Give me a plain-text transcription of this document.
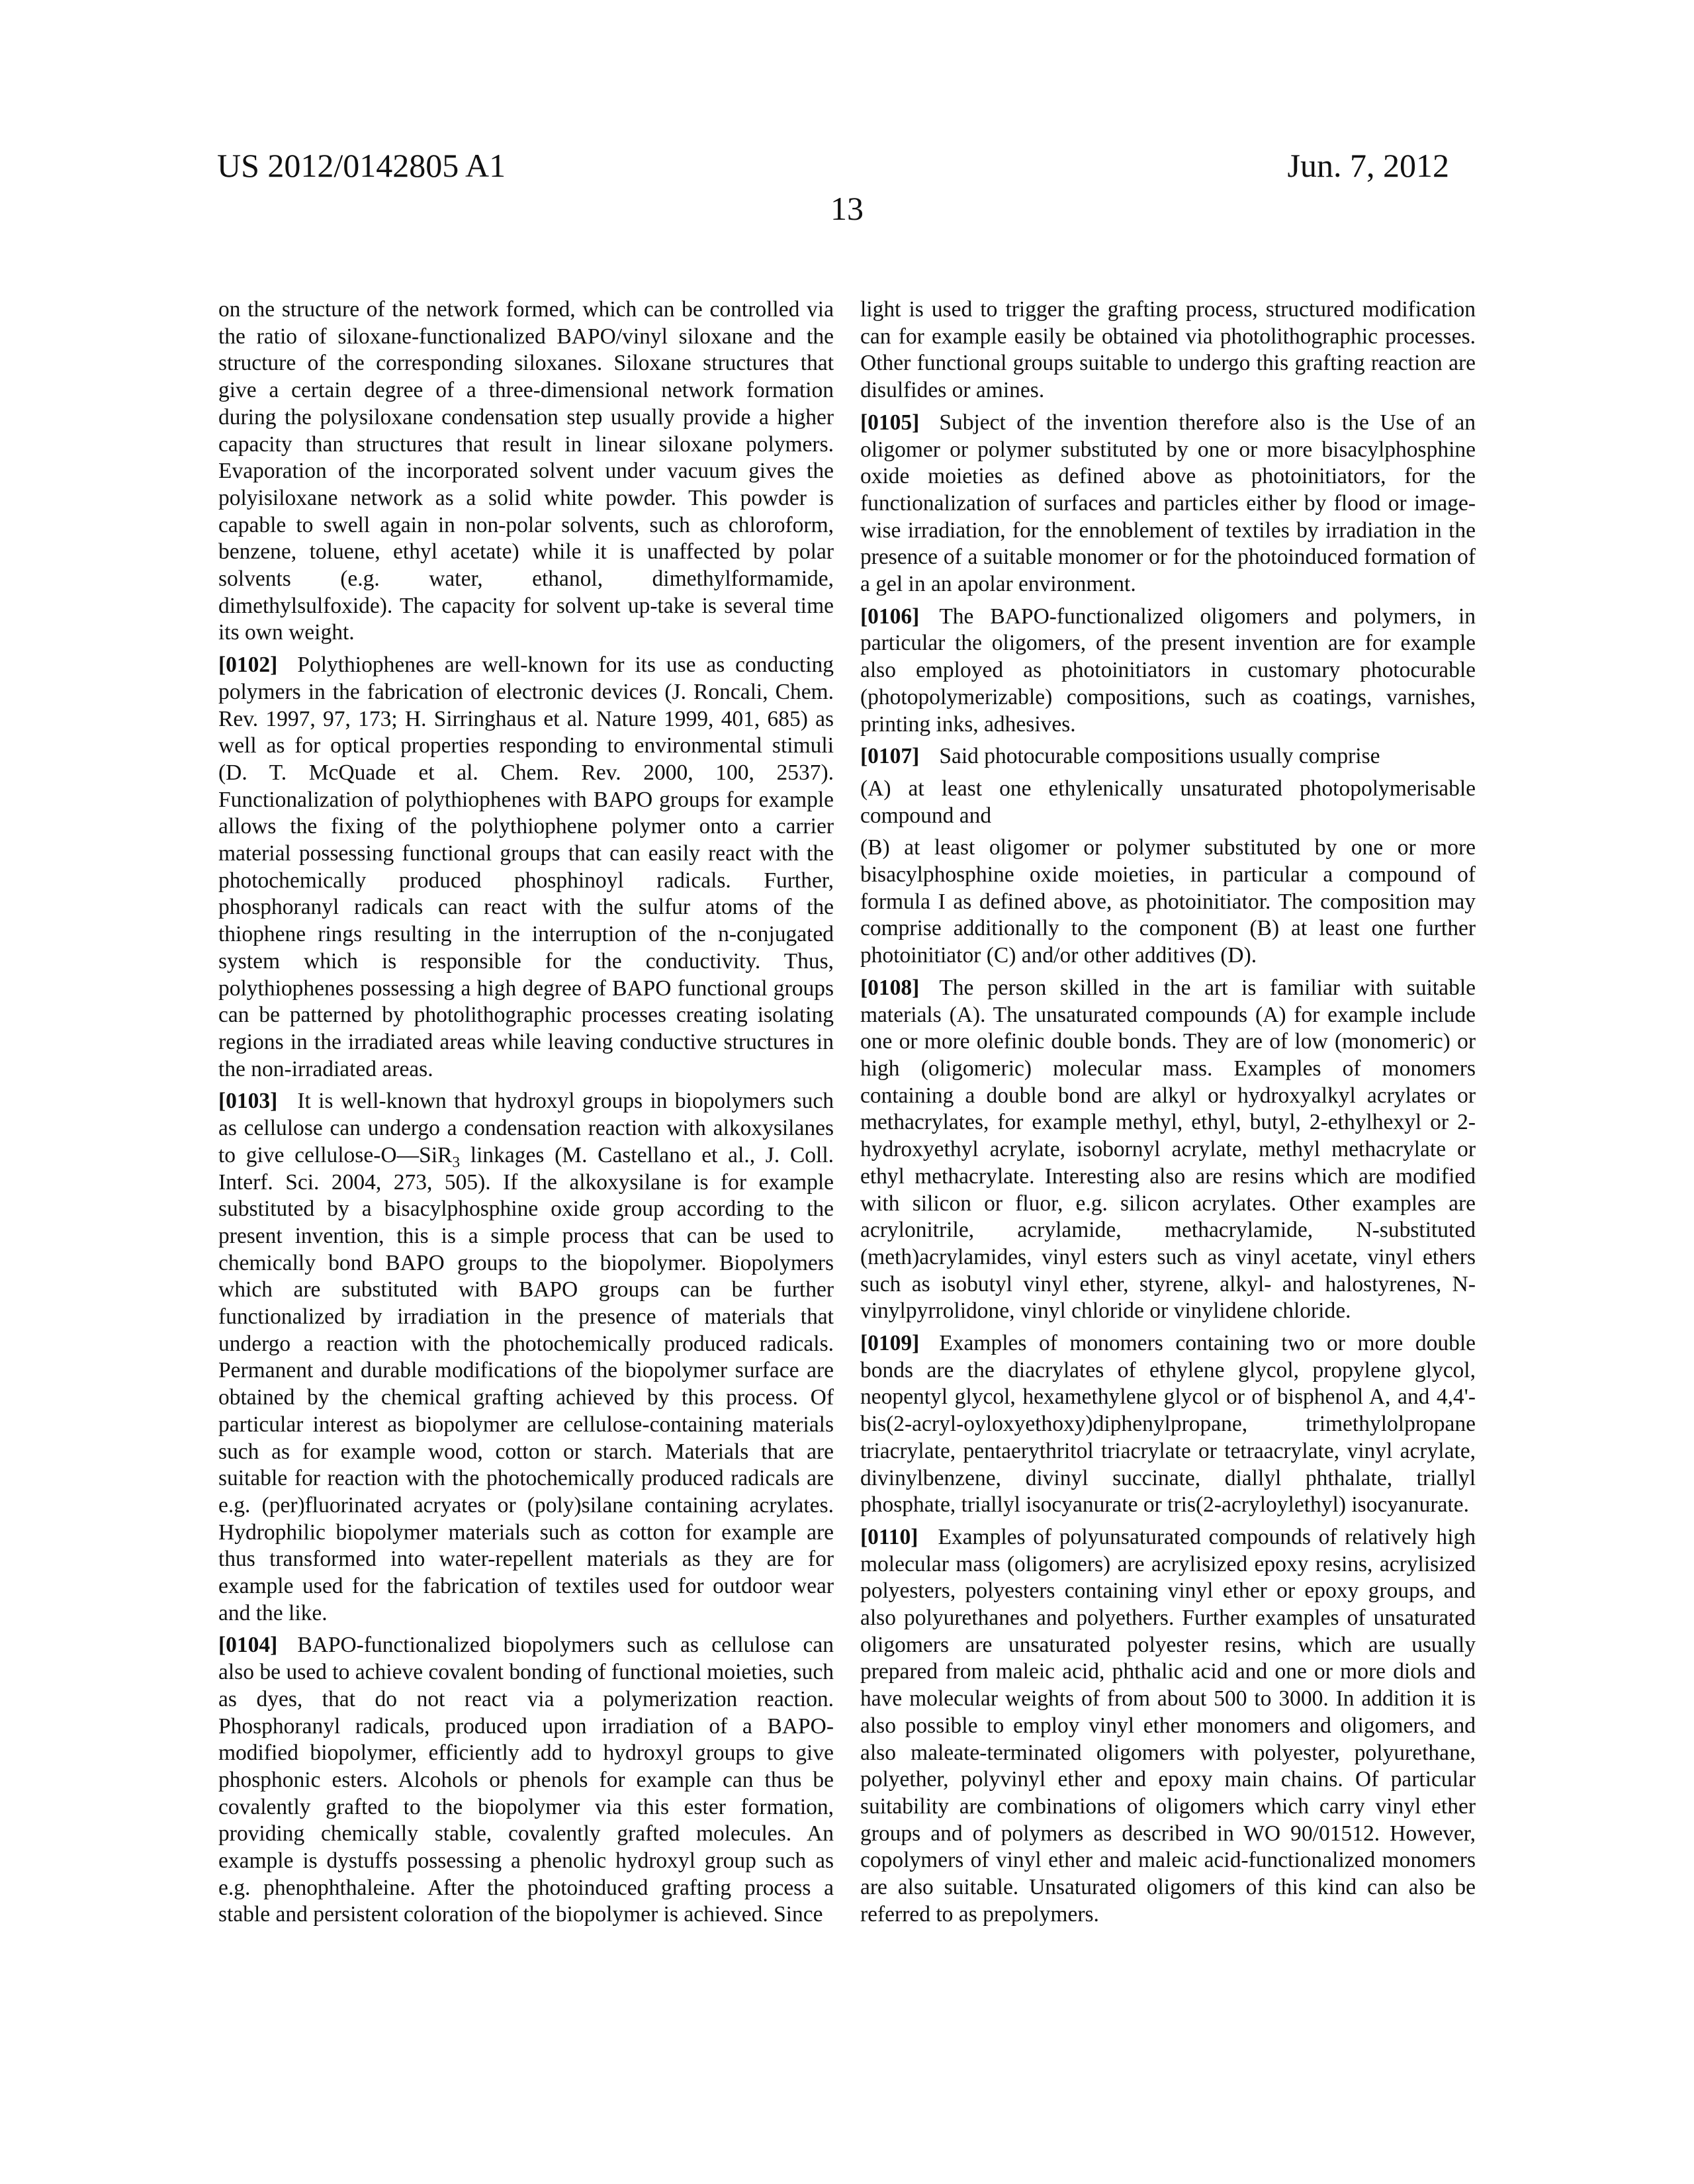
US 2012/0142805 A1	Jun. 7, 2012
13

on the structure of the network formed, which can be controlled via the ratio of siloxane-functionalized BAPO/vinyl siloxane and the structure of the corresponding siloxanes. Siloxane structures that give a certain degree of a three-dimensional network formation during the polysiloxane condensation step usually provide a higher capacity than structures that result in linear siloxane polymers. Evaporation of the incorporated solvent under vacuum gives the polyisiloxane network as a solid white powder. This powder is capable to swell again in non-polar solvents, such as chloroform, benzene, toluene, ethyl acetate) while it is unaffected by polar solvents (e.g. water, ethanol, dimethylformamide, dimethylsulfoxide). The capacity for solvent up-take is several time its own weight.

[0102] Polythiophenes are well-known for its use as conducting polymers in the fabrication of electronic devices (J. Roncali, Chem. Rev. 1997, 97, 173; H. Sirringhaus et al. Nature 1999, 401, 685) as well as for optical properties responding to environmental stimuli (D. T. McQuade et al. Chem. Rev. 2000, 100, 2537). Functionalization of polythiophenes with BAPO groups for example allows the fixing of the polythiophene polymer onto a carrier material possessing functional groups that can easily react with the photochemically produced phosphinoyl radicals. Further, phosphoranyl radicals can react with the sulfur atoms of the thiophene rings resulting in the interruption of the n-conjugated system which is responsible for the conductivity. Thus, polythiophenes possessing a high degree of BAPO functional groups can be patterned by photolithographic processes creating isolating regions in the irradiated areas while leaving conductive structures in the non-irradiated areas.

[0103] It is well-known that hydroxyl groups in biopolymers such as cellulose can undergo a condensation reaction with alkoxysilanes to give cellulose-O—SiR3 linkages (M. Castellano et al., J. Coll. Interf. Sci. 2004, 273, 505). If the alkoxysilane is for example substituted by a bisacylphosphine oxide group according to the present invention, this is a simple process that can be used to chemically bond BAPO groups to the biopolymer. Biopolymers which are substituted with BAPO groups can be further functionalized by irradiation in the presence of materials that undergo a reaction with the photochemically produced radicals. Permanent and durable modifications of the biopolymer surface are obtained by the chemical grafting achieved by this process. Of particular interest as biopolymer are cellulose-containing materials such as for example wood, cotton or starch. Materials that are suitable for reaction with the photochemically produced radicals are e.g. (per)fluorinated acryates or (poly)silane containing acrylates. Hydrophilic biopolymer materials such as cotton for example are thus transformed into water-repellent materials as they are for example used for the fabrication of textiles used for outdoor wear and the like.

[0104] BAPO-functionalized biopolymers such as cellulose can also be used to achieve covalent bonding of functional moieties, such as dyes, that do not react via a polymerization reaction. Phosphoranyl radicals, produced upon irradiation of a BAPO-modified biopolymer, efficiently add to hydroxyl groups to give phosphonic esters. Alcohols or phenols for example can thus be covalently grafted to the biopolymer via this ester formation, providing chemically stable, covalently grafted molecules. An example is dystuffs possessing a phenolic hydroxyl group such as e.g. phenophthaleine. After the photoinduced grafting process a stable and persistent coloration of the biopolymer is achieved. Since

light is used to trigger the grafting process, structured modification can for example easily be obtained via photolithographic processes. Other functional groups suitable to undergo this grafting reaction are disulfides or amines.

[0105] Subject of the invention therefore also is the Use of an oligomer or polymer substituted by one or more bisacylphosphine oxide moieties as defined above as photoinitiators, for the functionalization of surfaces and particles either by flood or image-wise irradiation, for the ennoblement of textiles by irradiation in the presence of a suitable monomer or for the photoinduced formation of a gel in an apolar environment.

[0106] The BAPO-functionalized oligomers and polymers, in particular the oligomers, of the present invention are for example also employed as photoinitiators in customary photocurable (photopolymerizable) compositions, such as coatings, varnishes, printing inks, adhesives.

[0107] Said photocurable compositions usually comprise

(A) at least one ethylenically unsaturated photopolymerisable compound and

(B) at least oligomer or polymer substituted by one or more bisacylphosphine oxide moieties, in particular a compound of formula I as defined above, as photoinitiator. The composition may comprise additionally to the component (B) at least one further photoinitiator (C) and/or other additives (D).

[0108] The person skilled in the art is familiar with suitable materials (A). The unsaturated compounds (A) for example include one or more olefinic double bonds. They are of low (monomeric) or high (oligomeric) molecular mass. Examples of monomers containing a double bond are alkyl or hydroxyalkyl acrylates or methacrylates, for example methyl, ethyl, butyl, 2-ethylhexyl or 2-hydroxyethyl acrylate, isobornyl acrylate, methyl methacrylate or ethyl methacrylate. Interesting also are resins which are modified with silicon or fluor, e.g. silicon acrylates. Other examples are acrylonitrile, acrylamide, methacrylamide, N-substituted (meth)acrylamides, vinyl esters such as vinyl acetate, vinyl ethers such as isobutyl vinyl ether, styrene, alkyl- and halostyrenes, N-vinylpyrrolidone, vinyl chloride or vinylidene chloride.

[0109] Examples of monomers containing two or more double bonds are the diacrylates of ethylene glycol, propylene glycol, neopentyl glycol, hexamethylene glycol or of bisphenol A, and 4,4'-bis(2-acryl-oyloxyethoxy)diphenylpropane, trimethylolpropane triacrylate, pentaerythritol triacrylate or tetraacrylate, vinyl acrylate, divinylbenzene, divinyl succinate, diallyl phthalate, triallyl phosphate, triallyl isocyanurate or tris(2-acryloylethyl) isocyanurate.

[0110] Examples of polyunsaturated compounds of relatively high molecular mass (oligomers) are acrylisized epoxy resins, acrylisized polyesters, polyesters containing vinyl ether or epoxy groups, and also polyurethanes and polyethers. Further examples of unsaturated oligomers are unsaturated polyester resins, which are usually prepared from maleic acid, phthalic acid and one or more diols and have molecular weights of from about 500 to 3000. In addition it is also possible to employ vinyl ether monomers and oligomers, and also maleate-terminated oligomers with polyester, polyurethane, polyether, polyvinyl ether and epoxy main chains. Of particular suitability are combinations of oligomers which carry vinyl ether groups and of polymers as described in WO 90/01512. However, copolymers of vinyl ether and maleic acid-functionalized monomers are also suitable. Unsaturated oligomers of this kind can also be referred to as prepolymers.
